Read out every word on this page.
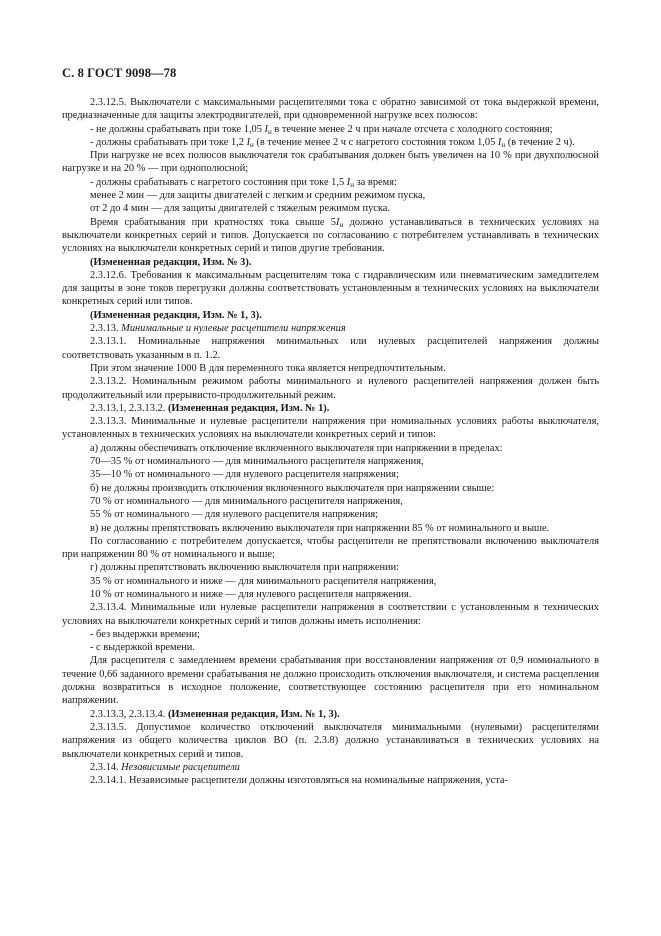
С. 8 ГОСТ 9098—78

2.3.12.5. Выключатели с максимальными расцепителями тока с обратно зависимой от тока выдержкой времени, предназначенные для защиты электродвигателей, при одновременной нагрузке всех полюсов:

- не должны срабатывать при токе 1,05 $I_н$ в течение менее 2 ч при начале отсчета с холодного состояния;

- должны срабатывать при токе 1,2 $I_н$ (в течение менее 2 ч с нагретого состояния током 1,05 $I_н$ (в течение 2 ч).

При нагрузке не всех полюсов выключателя ток срабатывания должен быть увеличен на 10 % при двухполюсной нагрузке и на 20 % — при однополюсной;

- должны срабатывать с нагретого состояния при токе 1,5 $I_н$ за время:

менее 2 мин — для защиты двигателей с легким и средним режимом пуска,

от 2 до 4 мин — для защиты двигателей с тяжелым режимом пуска.

Время срабатывания при кратностях тока свыше $5I_н$ должно устанавливаться в технических условиях на выключатели конкретных серий и типов. Допускается по согласованию с потребителем устанавливать в технических условиях на выключатели конкретных серий и типов другие требования.

(Измененная редакция, Изм. № 3).

2.3.12.6. Требования к максимальным расцепителям тока с гидравлическим или пневматическим замедлителем для защиты в зоне токов перегрузки должны соответствовать установленным в технических условиях на выключатели конкретных серий или типов.

(Измененная редакция, Изм. № 1, 3).

2.3.13. Минимальные и нулевые расцепители напряжения

2.3.13.1. Номинальные напряжения минимальных или нулевых расцепителей напряжения должны соответствовать указанным в п. 1.2.

При этом значение 1000 В для переменного тока является непредпочтительным.

2.3.13.2. Номинальным режимом работы минимального и нулевого расцепителей напряжения должен быть продолжительный или прерывисто-продолжительный режим.

2.3.13.1, 2.3.13.2. (Измененная редакция, Изм. № 1).

2.3.13.3. Минимальные и нулевые расцепители напряжения при номинальных условиях работы выключателя, установленных в технических условиях на выключатели конкретных серий и типов:

а) должны обеспечивать отключение включенного выключателя при напряжении в пределах:

70—35 % от номинального — для минимального расцепителя напряжения,

35—10 % от номинального — для нулевого расцепителя напряжения;

б) не должны производить отключения включенного выключателя при напряжении свыше:

70 % от номинального — для минимального расцепителя напряжения,

55 % от номинального — для нулевого расцепителя напряжения;

в) не должны препятствовать включению выключателя при напряжении 85 % от номинального и выше.

По согласованию с потребителем допускается, чтобы расцепители не препятствовали включению выключателя при напряжении 80 % от номинального и выше;

г) должны препятствовать включению выключателя при напряжении:

35 % от номинального и ниже — для минимального расцепителя напряжения,

10 % от номинального и ниже — для нулевого расцепителя напряжения.

2.3.13.4. Минимальные или нулевые расцепители напряжения в соответствии с установленным в технических условиях на выключатели конкретных серий и типов должны иметь исполнения:

- без выдержки времени;

- с выдержкой времени.

Для расцепителя с замедлением времени срабатывания при восстановлении напряжения от 0,9 номинального в течение 0,66 заданного времени срабатывания не должно происходить отключения выключателя, и система расцепления должна возвратиться в исходное положение, соответствующее состоянию расцепителя при его номинальном напряжении.

2.3.13.3, 2.3.13.4. (Измененная редакция, Изм. № 1, 3).

2.3.13.5. Допустимое количество отключений выключателя минимальными (нулевыми) расцепителями напряжения из общего количества циклов ВО (п. 2.3.8) должно устанавливаться в технических условиях на выключатели конкретных серий и типов.

2.3.14. Независимые расцепители

2.3.14.1. Независимые расцепители должны изготовляться на номинальные напряжения, уста-
